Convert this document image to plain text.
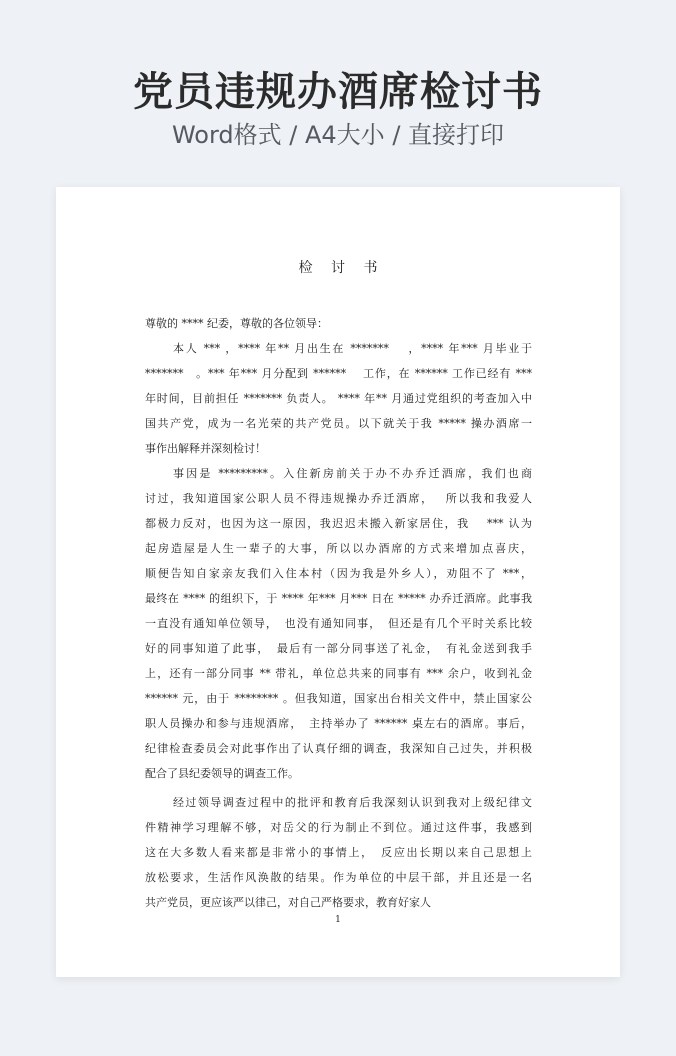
党员违规办酒席检讨书
Word格式 / A4大小 / 直接打印
检 讨 书
尊敬的 **** 纪委，尊敬的各位领导：
本人 *** ，**** 年** 月出生在 *******　 ，**** 年*** 月毕业于
*******　。*** 年*** 月分配到 ******　 工作，在 ****** 工作已经有 ***
年时间，目前担任 ******* 负责人。 **** 年** 月通过党组织的考查加入中
国共产党，成为一名光荣的共产党员。以下就关于我 ***** 操办酒席一
事作出解释并深刻检讨！
事因是 *********。入住新房前关于办不办乔迁酒席，我们也商
讨过，我知道国家公职人员不得违规操办乔迁酒席，　 所以我和我爱人
都极力反对，也因为这一原因，我迟迟未搬入新家居住，我　 *** 认为
起房造屋是人生一辈子的大事，所以以办酒席的方式来增加点喜庆，
顺便告知自家亲友我们入住本村（因为我是外乡人），劝阻不了 ***，
最终在 **** 的组织下，于 **** 年*** 月*** 日在 ***** 办乔迁酒席。此事我
一直没有通知单位领导，　也没有通知同事，　但还是有几个平时关系比较
好的同事知道了此事，　最后有一部分同事送了礼金，　有礼金送到我手
上，还有一部分同事 ** 带礼，单位总共来的同事有 *** 余户，收到礼金
****** 元，由于 ******** 。但我知道，国家出台相关文件中，禁止国家公
职人员操办和参与违规酒席，　主持举办了 ****** 桌左右的酒席。事后，
纪律检查委员会对此事作出了认真仔细的调查，我深知自己过失，并积极
配合了县纪委领导的调查工作。
经过领导调查过程中的批评和教育后我深刻认识到我对上级纪律文
件精神学习理解不够，对岳父的行为制止不到位。通过这件事，我感到
这在大多数人看来都是非常小的事情上，　反应出长期以来自己思想上
放松要求，生活作风涣散的结果。作为单位的中层干部，并且还是一名
共产党员，更应该严以律己，对自己严格要求，教育好家人
1
